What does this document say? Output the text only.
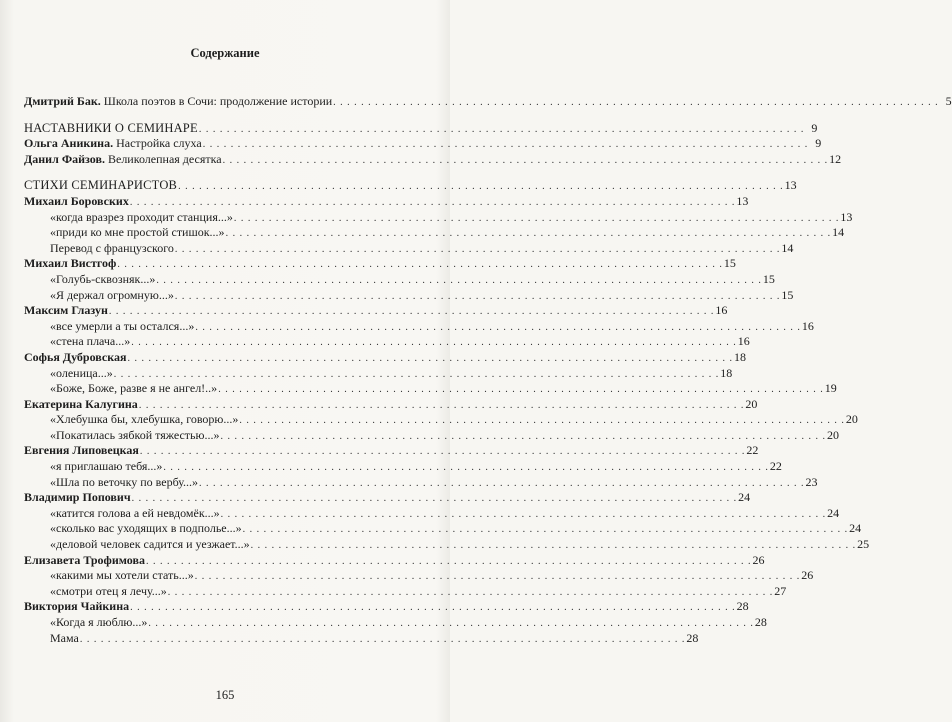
Содержание
Дмитрий Бак. Школа поэтов в Сочи: продолжение истории . . . . . . . . . . . . . . . . . . . . . . . . . . . . . . . . . . . . . . . . . . . . . . . . . . . . . . . . . . . . . . . . . . . . . . . . . . . . . . . . . . . . . . . 5
НАСТАВНИКИ О СЕМИНАРЕ . . . . . . . . . . . . . . . . . . . . . . . . . . . . . . . . . . . . . . . . . . . . . . . . . . . . . . . . . . . . . . . . . . . . . . . . . . . . . . . . . . . . . . . 9
Ольга Аникина. Настройка слуха . . . . . . . . . . . . . . . . . . . . . . . . . . . . . . . . . . . . . . . . . . . . . . . . . . . . . . . . . . . . . . . . . . . . . . . . . . . . . . . . . . . . . . . 9
Данил Файзов. Великолепная десятка . . . . . . . . . . . . . . . . . . . . . . . . . . . . . . . . . . . . . . . . . . . . . . . . . . . . . . . . . . . . . . . . . . . . . . . . . . . . . . . . . . . . . . . 12
СТИХИ СЕМИНАРИСТОВ . . . . . . . . . . . . . . . . . . . . . . . . . . . . . . . . . . . . . . . . . . . . . . . . . . . . . . . . . . . . . . . . . . . . . . . . . . . . . . . . . . . . . . . 13
Михаил Боровских . . . . . . . . . . . . . . . . . . . . . . . . . . . . . . . . . . . . . . . . . . . . . . . . . . . . . . . . . . . . . . . . . . . . . . . . . . . . . . . . . . . . . . . 13
«когда вразрез проходит станция...» . . . . . . . . . . . . . . . . . . . . . . . . . . . . . . . . . . . . . . . . . . . . . . . . . . . . . . . . . . . . . . . . . . . . . . . . . . . . . . . . . . . . . . . 13
«приди ко мне простой стишок...» . . . . . . . . . . . . . . . . . . . . . . . . . . . . . . . . . . . . . . . . . . . . . . . . . . . . . . . . . . . . . . . . . . . . . . . . . . . . . . . . . . . . . . . 14
Перевод с французского . . . . . . . . . . . . . . . . . . . . . . . . . . . . . . . . . . . . . . . . . . . . . . . . . . . . . . . . . . . . . . . . . . . . . . . . . . . . . . . . . . . . . . . 14
Михаил Вистгоф . . . . . . . . . . . . . . . . . . . . . . . . . . . . . . . . . . . . . . . . . . . . . . . . . . . . . . . . . . . . . . . . . . . . . . . . . . . . . . . . . . . . . . . 15
«Голубь-сквозняк...» . . . . . . . . . . . . . . . . . . . . . . . . . . . . . . . . . . . . . . . . . . . . . . . . . . . . . . . . . . . . . . . . . . . . . . . . . . . . . . . . . . . . . . . 15
«Я держал огромную...» . . . . . . . . . . . . . . . . . . . . . . . . . . . . . . . . . . . . . . . . . . . . . . . . . . . . . . . . . . . . . . . . . . . . . . . . . . . . . . . . . . . . . . . 15
Максим Глазун . . . . . . . . . . . . . . . . . . . . . . . . . . . . . . . . . . . . . . . . . . . . . . . . . . . . . . . . . . . . . . . . . . . . . . . . . . . . . . . . . . . . . . . 16
«все умерли а ты остался...» . . . . . . . . . . . . . . . . . . . . . . . . . . . . . . . . . . . . . . . . . . . . . . . . . . . . . . . . . . . . . . . . . . . . . . . . . . . . . . . . . . . . . . . 16
«стена плача...» . . . . . . . . . . . . . . . . . . . . . . . . . . . . . . . . . . . . . . . . . . . . . . . . . . . . . . . . . . . . . . . . . . . . . . . . . . . . . . . . . . . . . . . 16
Софья Дубровская . . . . . . . . . . . . . . . . . . . . . . . . . . . . . . . . . . . . . . . . . . . . . . . . . . . . . . . . . . . . . . . . . . . . . . . . . . . . . . . . . . . . . . . 18
«оленица...» . . . . . . . . . . . . . . . . . . . . . . . . . . . . . . . . . . . . . . . . . . . . . . . . . . . . . . . . . . . . . . . . . . . . . . . . . . . . . . . . . . . . . . . 18
«Боже, Боже, разве я не ангел!..» . . . . . . . . . . . . . . . . . . . . . . . . . . . . . . . . . . . . . . . . . . . . . . . . . . . . . . . . . . . . . . . . . . . . . . . . . . . . . . . . . . . . . . . 19
Екатерина Калугина . . . . . . . . . . . . . . . . . . . . . . . . . . . . . . . . . . . . . . . . . . . . . . . . . . . . . . . . . . . . . . . . . . . . . . . . . . . . . . . . . . . . . . . 20
«Хлебушка бы, хлебушка, говорю...» . . . . . . . . . . . . . . . . . . . . . . . . . . . . . . . . . . . . . . . . . . . . . . . . . . . . . . . . . . . . . . . . . . . . . . . . . . . . . . . . . . . . . . . 20
«Покатилась зябкой тяжестью...» . . . . . . . . . . . . . . . . . . . . . . . . . . . . . . . . . . . . . . . . . . . . . . . . . . . . . . . . . . . . . . . . . . . . . . . . . . . . . . . . . . . . . . . 20
Евгения Липовецкая . . . . . . . . . . . . . . . . . . . . . . . . . . . . . . . . . . . . . . . . . . . . . . . . . . . . . . . . . . . . . . . . . . . . . . . . . . . . . . . . . . . . . . . 22
«я приглашаю тебя...» . . . . . . . . . . . . . . . . . . . . . . . . . . . . . . . . . . . . . . . . . . . . . . . . . . . . . . . . . . . . . . . . . . . . . . . . . . . . . . . . . . . . . . . 22
«Шла по веточку по вербу...» . . . . . . . . . . . . . . . . . . . . . . . . . . . . . . . . . . . . . . . . . . . . . . . . . . . . . . . . . . . . . . . . . . . . . . . . . . . . . . . . . . . . . . . 23
Владимир Попович . . . . . . . . . . . . . . . . . . . . . . . . . . . . . . . . . . . . . . . . . . . . . . . . . . . . . . . . . . . . . . . . . . . . . . . . . . . . . . . . . . . . . . . 24
«катится голова а ей невдомёк...» . . . . . . . . . . . . . . . . . . . . . . . . . . . . . . . . . . . . . . . . . . . . . . . . . . . . . . . . . . . . . . . . . . . . . . . . . . . . . . . . . . . . . . . 24
«сколько вас уходящих в подполье...» . . . . . . . . . . . . . . . . . . . . . . . . . . . . . . . . . . . . . . . . . . . . . . . . . . . . . . . . . . . . . . . . . . . . . . . . . . . . . . . . . . . . . . . 24
«деловой человек садится и уезжает...» . . . . . . . . . . . . . . . . . . . . . . . . . . . . . . . . . . . . . . . . . . . . . . . . . . . . . . . . . . . . . . . . . . . . . . . . . . . . . . . . . . . . . . . 25
Елизавета Трофимова . . . . . . . . . . . . . . . . . . . . . . . . . . . . . . . . . . . . . . . . . . . . . . . . . . . . . . . . . . . . . . . . . . . . . . . . . . . . . . . . . . . . . . . 26
«какими мы хотели стать...» . . . . . . . . . . . . . . . . . . . . . . . . . . . . . . . . . . . . . . . . . . . . . . . . . . . . . . . . . . . . . . . . . . . . . . . . . . . . . . . . . . . . . . . 26
«смотри отец я лечу...» . . . . . . . . . . . . . . . . . . . . . . . . . . . . . . . . . . . . . . . . . . . . . . . . . . . . . . . . . . . . . . . . . . . . . . . . . . . . . . . . . . . . . . . 27
Виктория Чайкина . . . . . . . . . . . . . . . . . . . . . . . . . . . . . . . . . . . . . . . . . . . . . . . . . . . . . . . . . . . . . . . . . . . . . . . . . . . . . . . . . . . . . . . 28
«Когда я люблю...» . . . . . . . . . . . . . . . . . . . . . . . . . . . . . . . . . . . . . . . . . . . . . . . . . . . . . . . . . . . . . . . . . . . . . . . . . . . . . . . . . . . . . . . 28
Мама . . . . . . . . . . . . . . . . . . . . . . . . . . . . . . . . . . . . . . . . . . . . . . . . . . . . . . . . . . . . . . . . . . . . . . . . . . . . . . . . . . . . . . . 28
165
